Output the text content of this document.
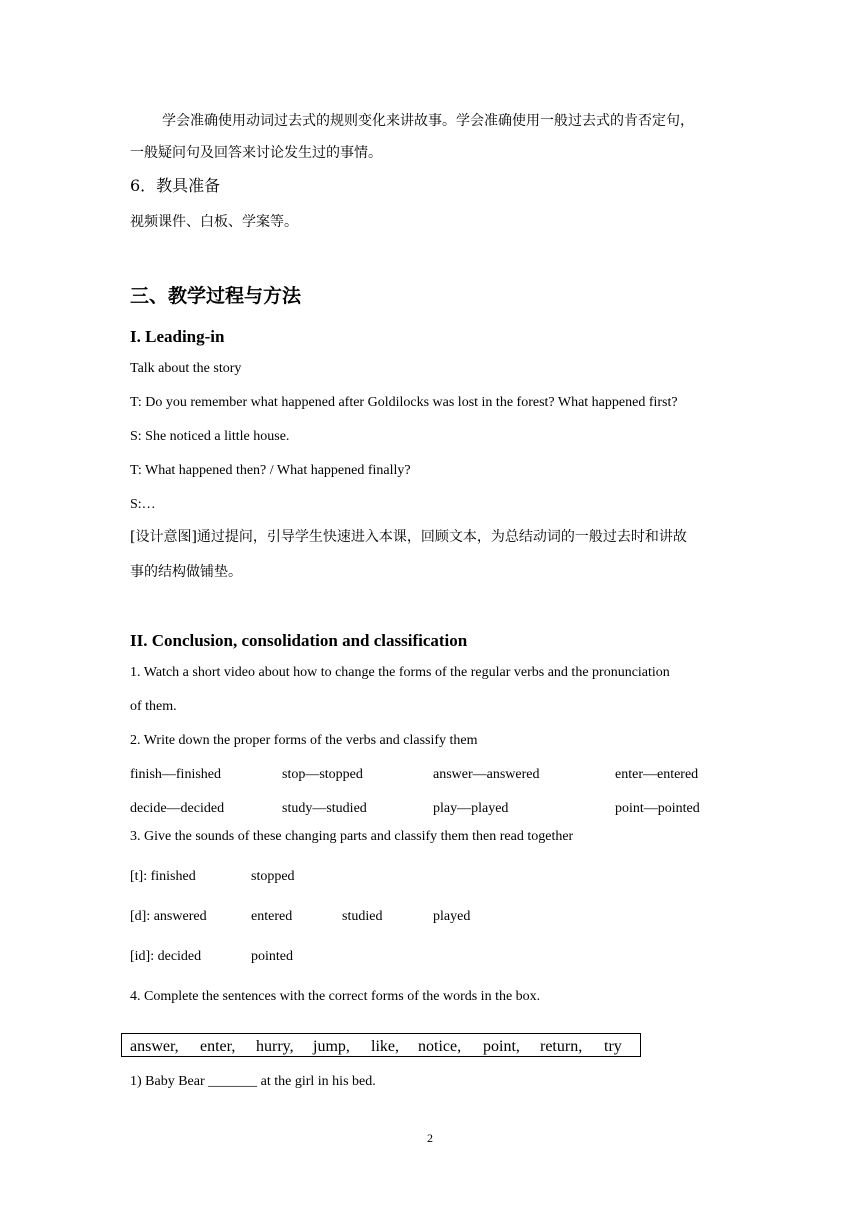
学会准确使用动词过去式的规则变化来讲故事。学会准确使用一般过去式的肯否定句，
一般疑问句及回答来讨论发生过的事情。
6．教具准备
视频课件、白板、学案等。
三、教学过程与方法
I. Leading-in
Talk about the story
T: Do you remember what happened after Goldilocks was lost in the forest? What happened first?
S: She noticed a little house.
T: What happened then? / What happened finally?
S:…
[设计意图]通过提问，引导学生快速进入本课，回顾文本，为总结动词的一般过去时和讲故
事的结构做铺垫。
II. Conclusion, consolidation and classification
1. Watch a short video about how to change the forms of the regular verbs and the pronunciation
of them.
2. Write down the proper forms of the verbs and classify them
finish—finished	stop—stopped	answer—answered	enter—entered
decide—decided	study—studied	play—played	point—pointed
3. Give the sounds of these changing parts and classify them then read together
[t]: finished	stopped
[d]: answered	entered	studied	played
[id]: decided	pointed
4. Complete the sentences with the correct forms of the words in the box.
answer, enter, hurry, jump, like, notice, point, return, try
1) Baby Bear _______ at the girl in his bed.
2
